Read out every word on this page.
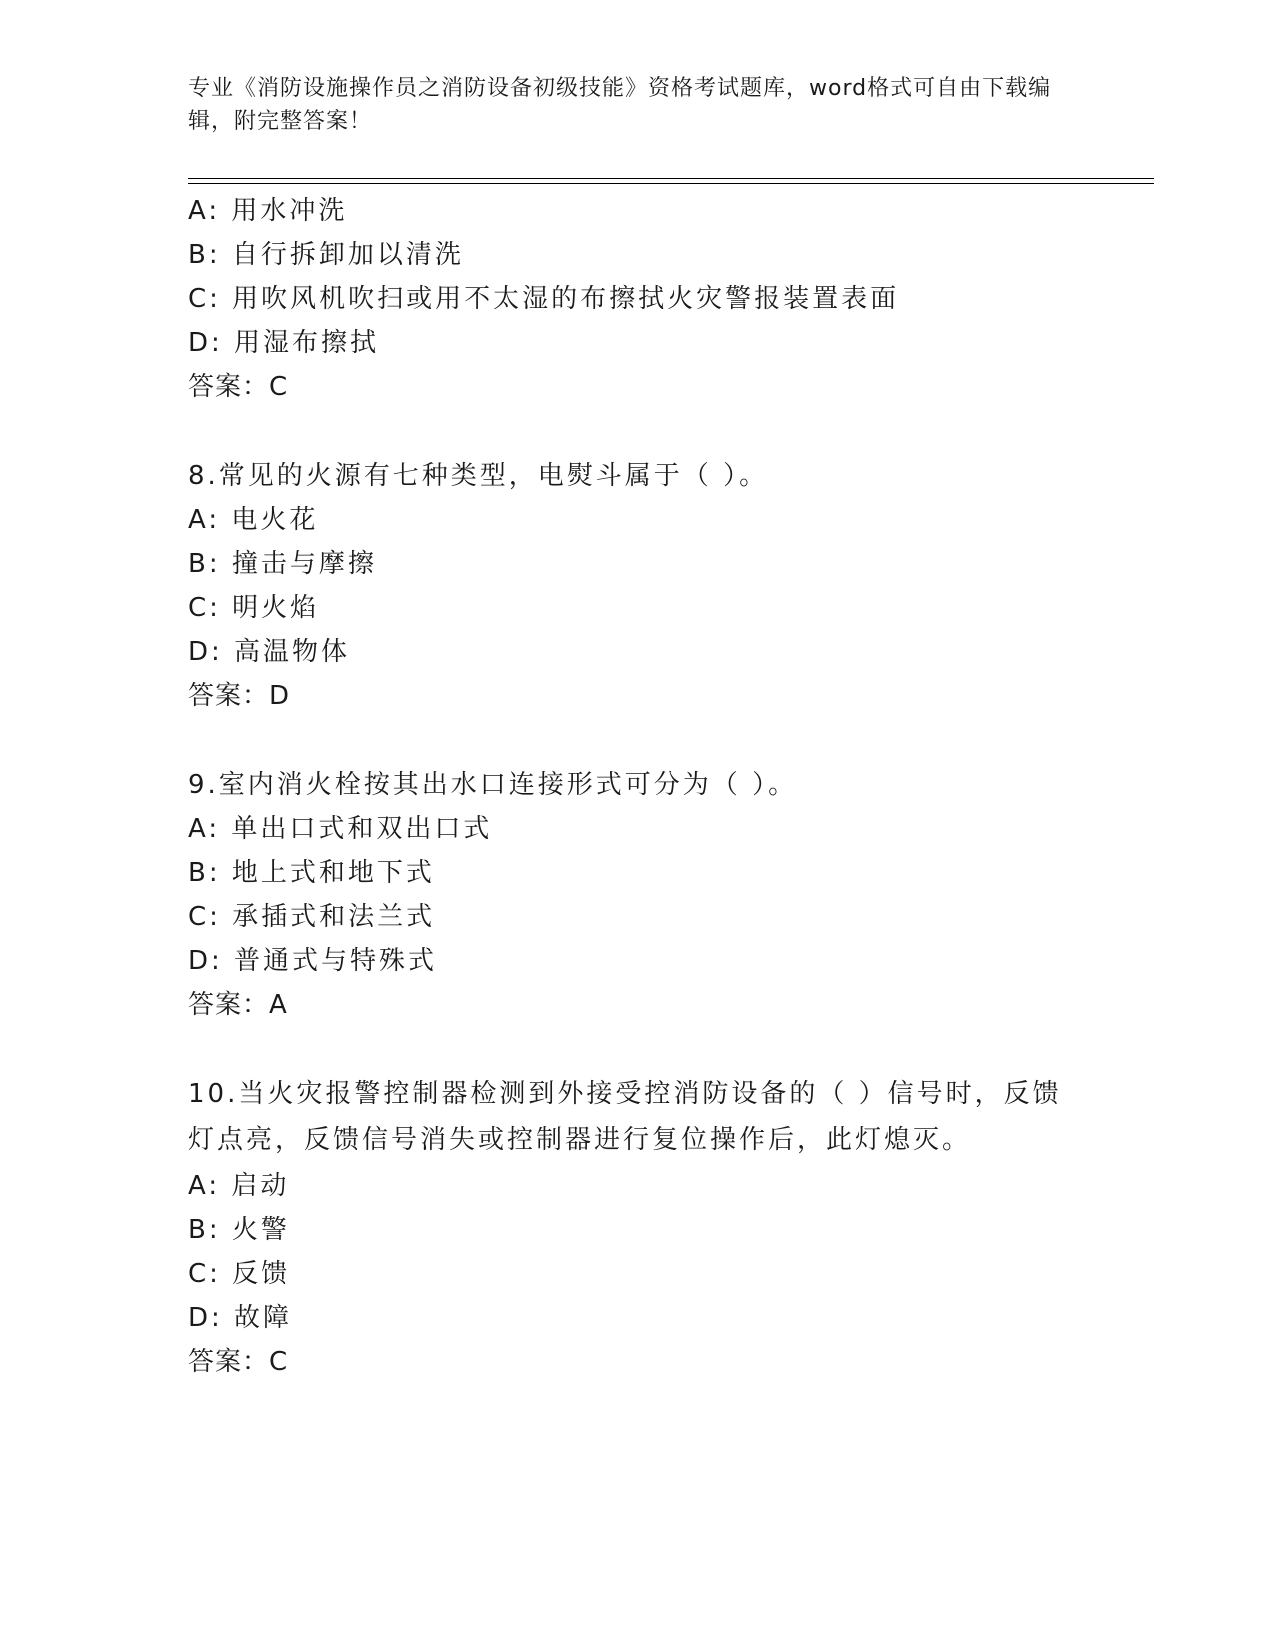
专业《消防设施操作员之消防设备初级技能》资格考试题库，word格式可自由下载编辑，附完整答案！
A: 用水冲洗
B: 自行拆卸加以清洗
C: 用吹风机吹扫或用不太湿的布擦拭火灾警报装置表面
D: 用湿布擦拭
答案：C
8.常见的火源有七种类型，电熨斗属于（ ）。
A: 电火花
B: 撞击与摩擦
C: 明火焰
D: 高温物体
答案：D
9.室内消火栓按其出水口连接形式可分为（ ）。
A: 单出口式和双出口式
B: 地上式和地下式
C: 承插式和法兰式
D: 普通式与特殊式
答案：A
10.当火灾报警控制器检测到外接受控消防设备的（ ）信号时，反馈灯点亮，反馈信号消失或控制器进行复位操作后，此灯熄灭。
A: 启动
B: 火警
C: 反馈
D: 故障
答案：C
